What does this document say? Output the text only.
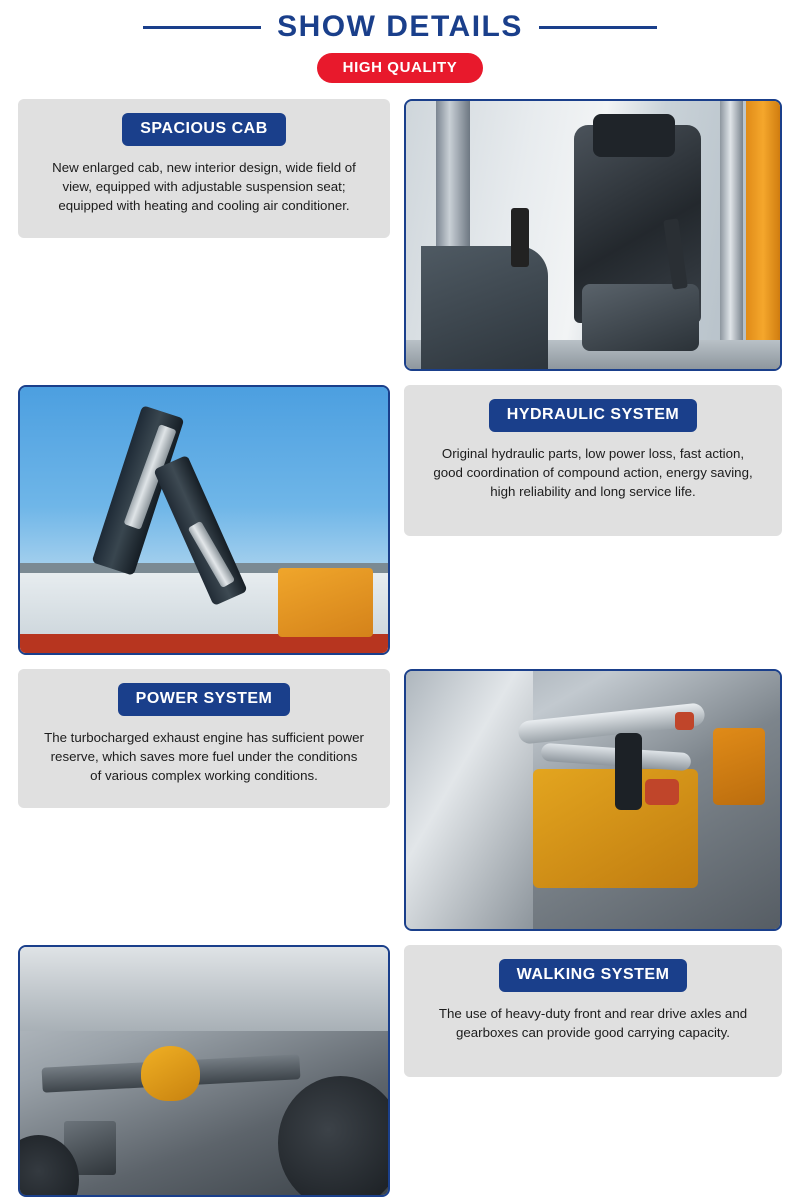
SHOW DETAILS
HIGH QUALITY
SPACIOUS CAB
New enlarged cab, new interior design, wide field of view, equipped with adjustable suspension seat; equipped with heating and cooling air conditioner.
HYDRAULIC SYSTEM
Original hydraulic parts, low power loss, fast action, good coordination of compound action, energy saving, high reliability and long service life.
POWER SYSTEM
The turbocharged exhaust engine has sufficient power reserve, which saves more fuel under the conditions of various complex working conditions.
WALKING SYSTEM
The use of heavy-duty front and rear drive axles and gearboxes can provide good carrying capacity.
